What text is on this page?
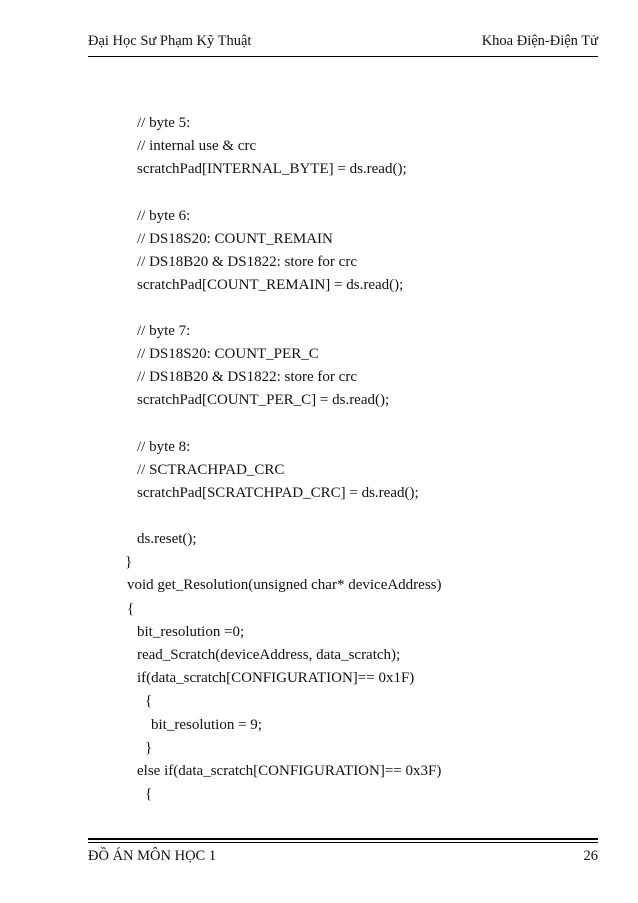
Đại Học Sư Phạm Kỹ Thuật	Khoa Điện-Điện Tử
// byte 5:
// internal use & crc
scratchPad[INTERNAL_BYTE] = ds.read();
// byte 6:
// DS18S20: COUNT_REMAIN
// DS18B20 & DS1822: store for crc
scratchPad[COUNT_REMAIN] = ds.read();
// byte 7:
// DS18S20: COUNT_PER_C
// DS18B20 & DS1822: store for crc
scratchPad[COUNT_PER_C] = ds.read();
// byte 8:
// SCTRACHPAD_CRC
scratchPad[SCRATCHPAD_CRC] = ds.read();
ds.reset();
}
void get_Resolution(unsigned char* deviceAddress)
{
bit_resolution =0;
read_Scratch(deviceAddress, data_scratch);
if(data_scratch[CONFIGURATION]== 0x1F)
{
bit_resolution = 9;
}
else if(data_scratch[CONFIGURATION]== 0x3F)
{
ĐỒ ÁN MÔN HỌC 1	26
